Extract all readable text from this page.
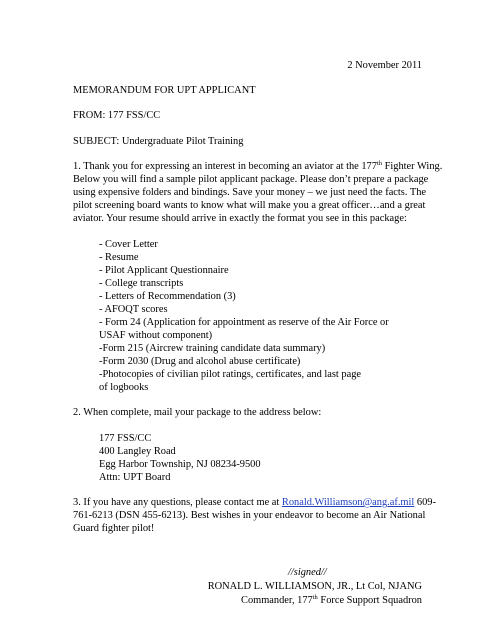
2 November 2011
MEMORANDUM FOR UPT APPLICANT
FROM: 177 FSS/CC
SUBJECT: Undergraduate Pilot Training
1. Thank you for expressing an interest in becoming an aviator at the 177th Fighter Wing.
Below you will find a sample pilot applicant package. Please don’t prepare a package
using expensive folders and bindings. Save your money – we just need the facts. The
pilot screening board wants to know what will make you a great officer…and a great
aviator. Your resume should arrive in exactly the format you see in this package:
- Cover Letter
- Resume
- Pilot Applicant Questionnaire
- College transcripts
- Letters of Recommendation (3)
- AFOQT scores
- Form 24 (Application for appointment as reserve of the Air Force or
USAF without component)
-Form 215 (Aircrew training candidate data summary)
-Form 2030 (Drug and alcohol abuse certificate)
-Photocopies of civilian pilot ratings, certificates, and last page
of logbooks
2. When complete, mail your package to the address below:
177 FSS/CC
400 Langley Road
Egg Harbor Township, NJ 08234-9500
Attn: UPT Board
3. If you have any questions, please contact me at Ronald.Williamson@ang.af.mil 609-
761-6213 (DSN 455-6213). Best wishes in your endeavor to become an Air National
Guard fighter pilot!
//signed//
RONALD L. WILLIAMSON, JR., Lt Col, NJANG
Commander, 177th Force Support Squadron
